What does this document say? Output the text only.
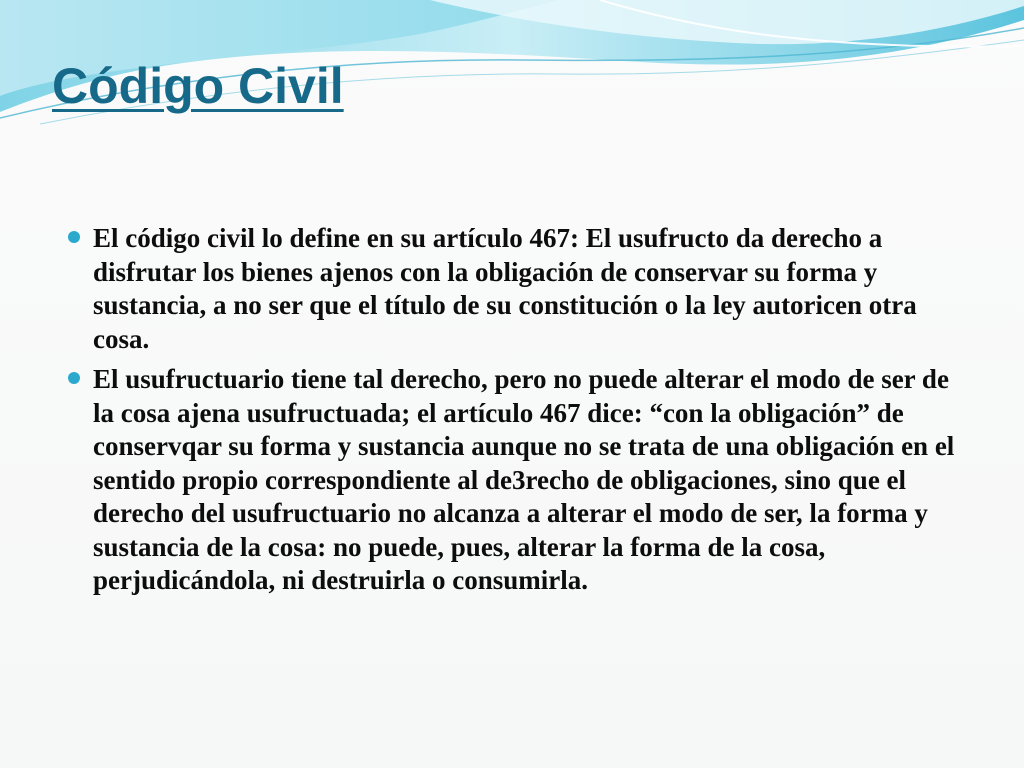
Código Civil
El código civil lo define en su artículo 467: El usufructo da derecho a disfrutar los bienes ajenos con la obligación de conservar su forma y sustancia, a no ser que el título de su constitución o la ley autoricen otra cosa.
El usufructuario tiene tal derecho, pero no puede alterar el modo de ser de la cosa ajena usufructuada; el artículo 467 dice: “con la obligación” de conservqar su forma y sustancia aunque no se trata de una obligación en el sentido propio correspondiente al de3recho de obligaciones, sino que el derecho del usufructuario no alcanza a alterar el modo de ser, la forma y sustancia de la cosa: no puede, pues, alterar la forma de la cosa, perjudicándola, ni destruirla o consumirla.
